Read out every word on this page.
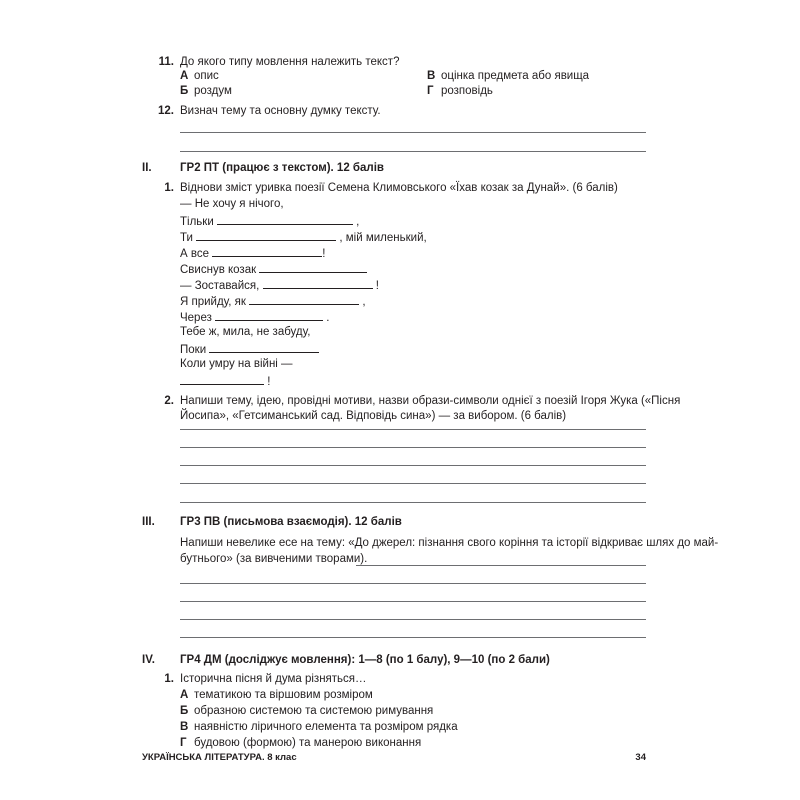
11. До якого типу мовлення належить текст?
А опис
Б роздум
В оцінка предмета або явища
Г розповідь
12. Визнач тему та основну думку тексту.
II. ГР2 ПТ (працює з текстом). 12 балів
1. Віднови зміст уривка поезії Семена Климовського «Їхав козак за Дунай». (6 балів)
— Не хочу я нічого,
Тільки	,
Ти	, мій миленький,
А все	!
Свиснув козак
— Зоставайся,	!
Я прийду, як	,
Через	.
Тебе ж, мила, не забуду,
Поки
Коли умру на війні —
!
2. Напиши тему, ідею, провідні мотиви, назви образи-символи однієї з поезій Ігоря Жука («Пісня
Йосипа», «Гетсиманський сад. Відповідь сина») — за вибором. (6 балів)
III. ГР3 ПВ (письмова взаємодія). 12 балів
Напиши невелике есе на тему: «До джерел: пізнання свого коріння та історії відкриває шлях до май-
бутнього» (за вивченими творами).
IV. ГР4 ДМ (досліджує мовлення): 1—8 (по 1 балу), 9—10 (по 2 бали)
1. Історична пісня й дума різняться…
А тематикою та віршовим розміром
Б образною системою та системою римування
В наявністю ліричного елемента та розміром рядка
Г будовою (формою) та манерою виконання
УКРАЇНСЬКА ЛІТЕРАТУРА. 8 клас	34
